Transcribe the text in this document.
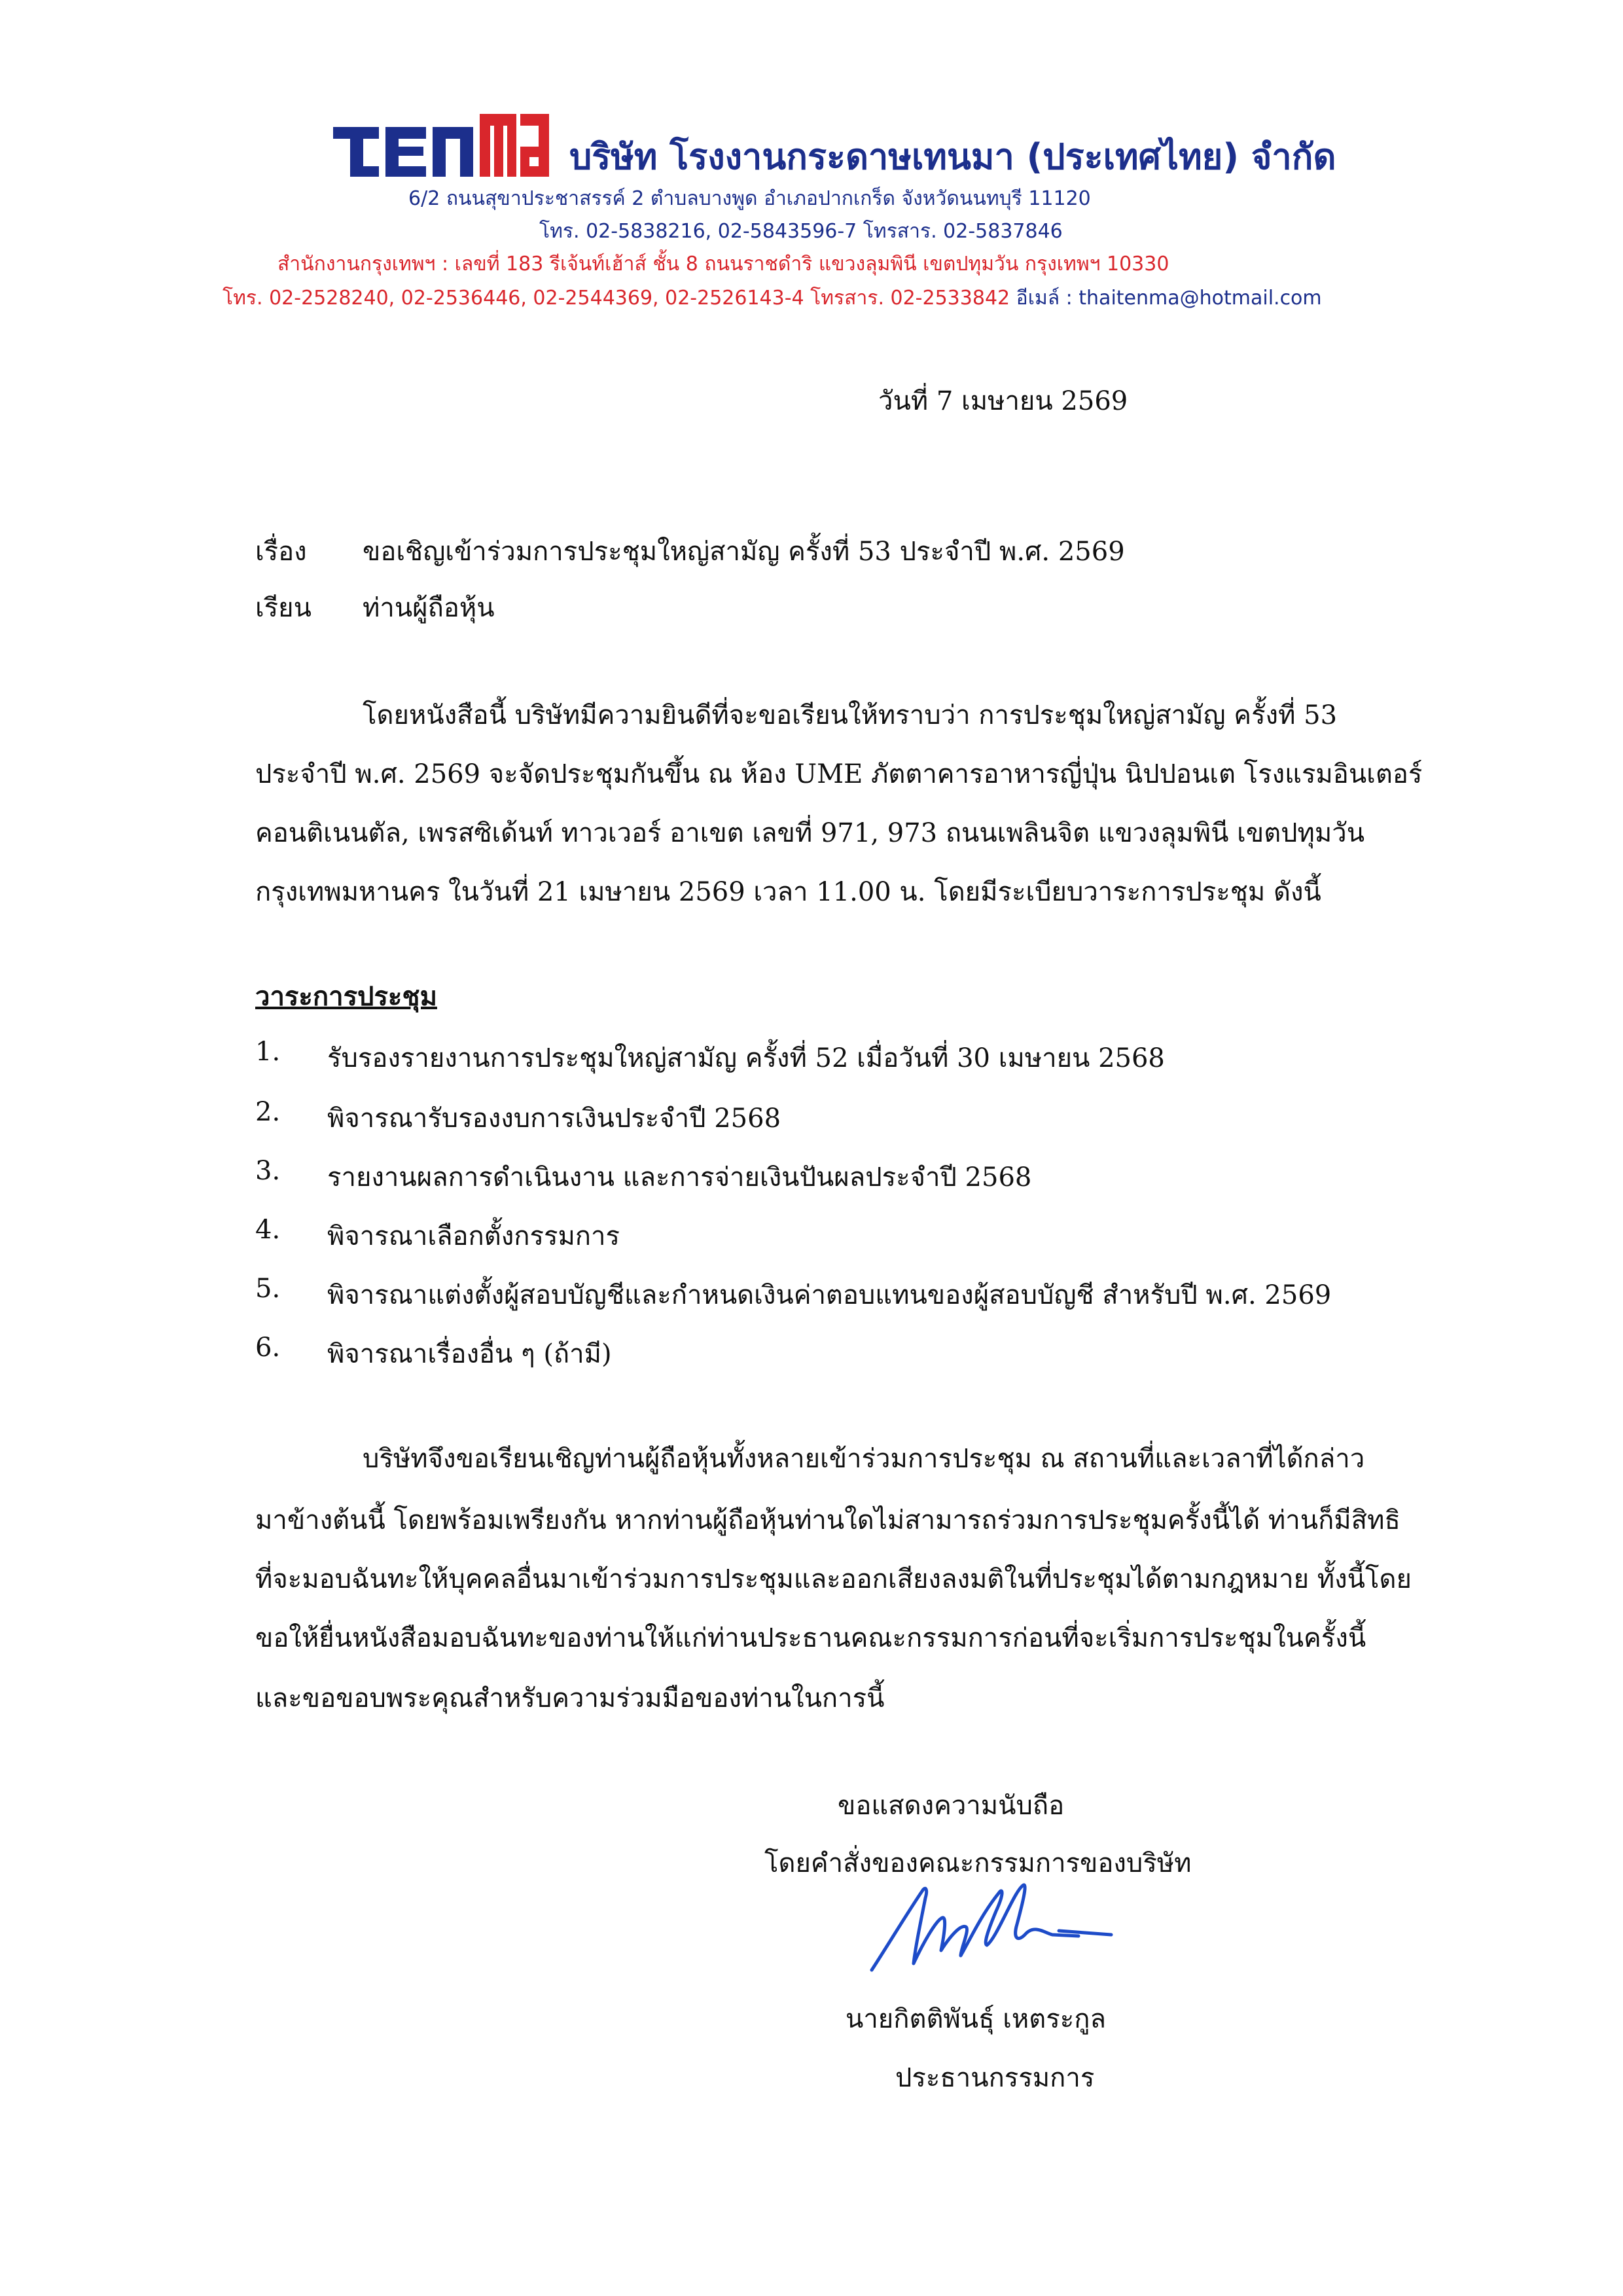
บริษัท โรงงานกระดาษเทนมา (ประเทศไทย) จำกัด
6/2 ถนนสุขาประชาสรรค์ 2 ตำบลบางพูด อำเภอปากเกร็ด จังหวัดนนทบุรี 11120
โทร. 02-5838216, 02-5843596-7 โทรสาร. 02-5837846
สำนักงานกรุงเทพฯ : เลขที่ 183 รีเจ้นท์เฮ้าส์ ชั้น 8 ถนนราชดำริ แขวงลุมพินี เขตปทุมวัน กรุงเทพฯ 10330
โทร. 02-2528240, 02-2536446, 02-2544369, 02-2526143-4 โทรสาร. 02-2533842 อีเมล์ : thaitenma@hotmail.com
วันที่ 7 เมษายน 2569
เรื่อง ขอเชิญเข้าร่วมการประชุมใหญ่สามัญ ครั้งที่ 53 ประจำปี พ.ศ. 2569
เรียน ท่านผู้ถือหุ้น
โดยหนังสือนี้ บริษัทมีความยินดีที่จะขอเรียนให้ทราบว่า การประชุมใหญ่สามัญ ครั้งที่ 53
ประจำปี พ.ศ. 2569 จะจัดประชุมกันขึ้น ณ ห้อง UME ภัตตาคารอาหารญี่ปุ่น นิปปอนเต โรงแรมอินเตอร์
คอนติเนนตัล, เพรสซิเด้นท์ ทาวเวอร์ อาเขต เลขที่ 971, 973 ถนนเพลินจิต แขวงลุมพินี เขตปทุมวัน
กรุงเทพมหานคร ในวันที่ 21 เมษายน 2569 เวลา 11.00 น. โดยมีระเบียบวาระการประชุม ดังนี้
วาระการประชุม
1. รับรองรายงานการประชุมใหญ่สามัญ ครั้งที่ 52 เมื่อวันที่ 30 เมษายน 2568
2. พิจารณารับรองงบการเงินประจำปี 2568
3. รายงานผลการดำเนินงาน และการจ่ายเงินปันผลประจำปี 2568
4. พิจารณาเลือกตั้งกรรมการ
5. พิจารณาแต่งตั้งผู้สอบบัญชีและกำหนดเงินค่าตอบแทนของผู้สอบบัญชี สำหรับปี พ.ศ. 2569
6. พิจารณาเรื่องอื่น ๆ (ถ้ามี)
บริษัทจึงขอเรียนเชิญท่านผู้ถือหุ้นทั้งหลายเข้าร่วมการประชุม ณ สถานที่และเวลาที่ได้กล่าว
มาข้างต้นนี้ โดยพร้อมเพรียงกัน หากท่านผู้ถือหุ้นท่านใดไม่สามารถร่วมการประชุมครั้งนี้ได้ ท่านก็มีสิทธิ
ที่จะมอบฉันทะให้บุคคลอื่นมาเข้าร่วมการประชุมและออกเสียงลงมติในที่ประชุมได้ตามกฎหมาย ทั้งนี้โดย
ขอให้ยื่นหนังสือมอบฉันทะของท่านให้แก่ท่านประธานคณะกรรมการก่อนที่จะเริ่มการประชุมในครั้งนี้
และขอขอบพระคุณสำหรับความร่วมมือของท่านในการนี้
ขอแสดงความนับถือ
โดยคำสั่งของคณะกรรมการของบริษัท
นายกิตติพันธุ์ เหตระกูล
ประธานกรรมการ
